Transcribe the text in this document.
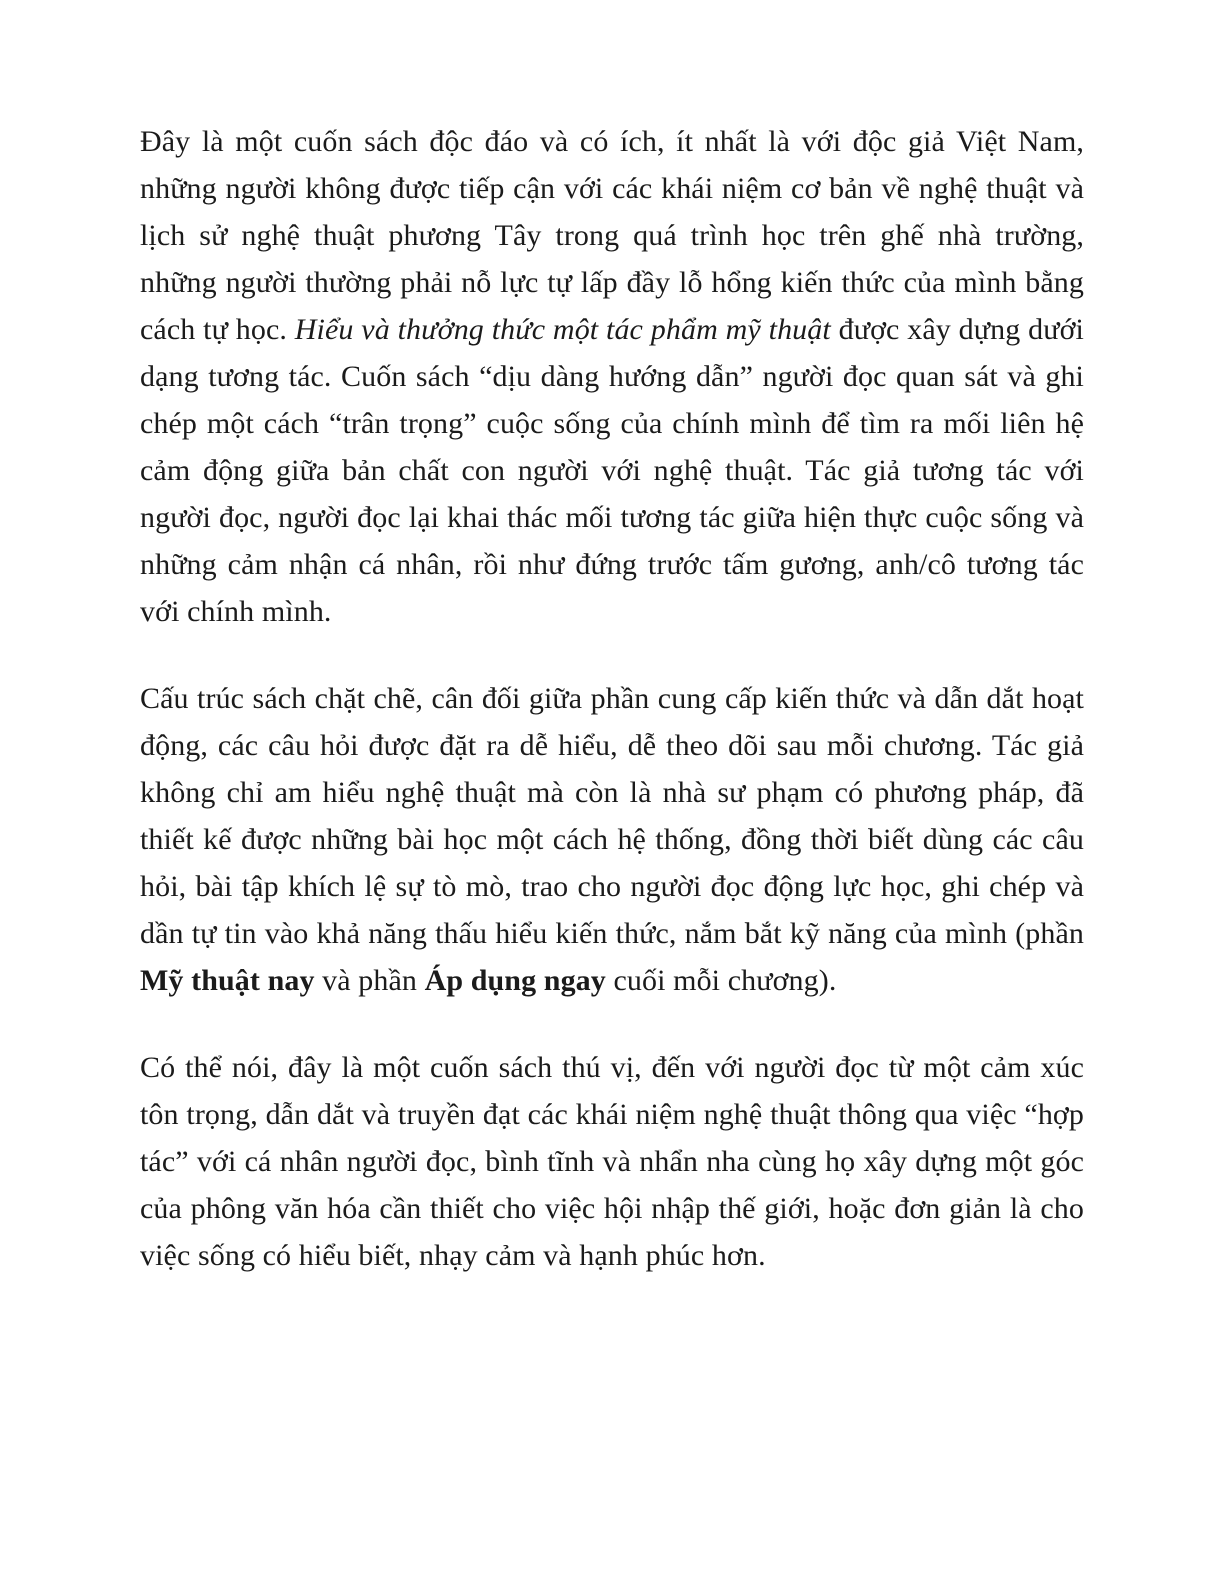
Đây là một cuốn sách độc đáo và có ích, ít nhất là với độc giả Việt Nam, những người không được tiếp cận với các khái niệm cơ bản về nghệ thuật và lịch sử nghệ thuật phương Tây trong quá trình học trên ghế nhà trường, những người thường phải nỗ lực tự lấp đầy lỗ hổng kiến thức của mình bằng cách tự học. Hiểu và thưởng thức một tác phẩm mỹ thuật được xây dựng dưới dạng tương tác. Cuốn sách “dịu dàng hướng dẫn” người đọc quan sát và ghi chép một cách “trân trọng” cuộc sống của chính mình để tìm ra mối liên hệ cảm động giữa bản chất con người với nghệ thuật. Tác giả tương tác với người đọc, người đọc lại khai thác mối tương tác giữa hiện thực cuộc sống và những cảm nhận cá nhân, rồi như đứng trước tấm gương, anh/cô tương tác với chính mình.

Cấu trúc sách chặt chẽ, cân đối giữa phần cung cấp kiến thức và dẫn dắt hoạt động, các câu hỏi được đặt ra dễ hiểu, dễ theo dõi sau mỗi chương. Tác giả không chỉ am hiểu nghệ thuật mà còn là nhà sư phạm có phương pháp, đã thiết kế được những bài học một cách hệ thống, đồng thời biết dùng các câu hỏi, bài tập khích lệ sự tò mò, trao cho người đọc động lực học, ghi chép và dần tự tin vào khả năng thấu hiểu kiến thức, nắm bắt kỹ năng của mình (phần Mỹ thuật nay và phần Áp dụng ngay cuối mỗi chương).

Có thể nói, đây là một cuốn sách thú vị, đến với người đọc từ một cảm xúc tôn trọng, dẫn dắt và truyền đạt các khái niệm nghệ thuật thông qua việc “hợp tác” với cá nhân người đọc, bình tĩnh và nhẩn nha cùng họ xây dựng một góc của phông văn hóa cần thiết cho việc hội nhập thế giới, hoặc đơn giản là cho việc sống có hiểu biết, nhạy cảm và hạnh phúc hơn.
